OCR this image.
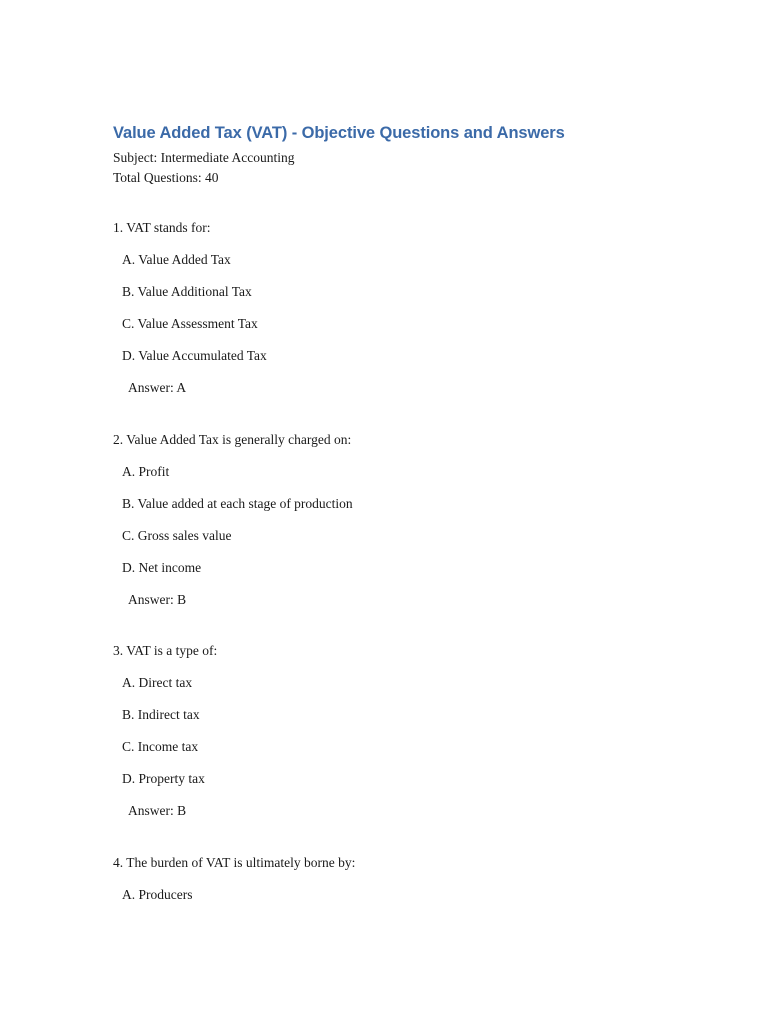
Value Added Tax (VAT) - Objective Questions and Answers
Subject: Intermediate Accounting
Total Questions: 40
1. VAT stands for:
A. Value Added Tax
B. Value Additional Tax
C. Value Assessment Tax
D. Value Accumulated Tax
Answer: A
2. Value Added Tax is generally charged on:
A. Profit
B. Value added at each stage of production
C. Gross sales value
D. Net income
Answer: B
3. VAT is a type of:
A. Direct tax
B. Indirect tax
C. Income tax
D. Property tax
Answer: B
4. The burden of VAT is ultimately borne by:
A. Producers
